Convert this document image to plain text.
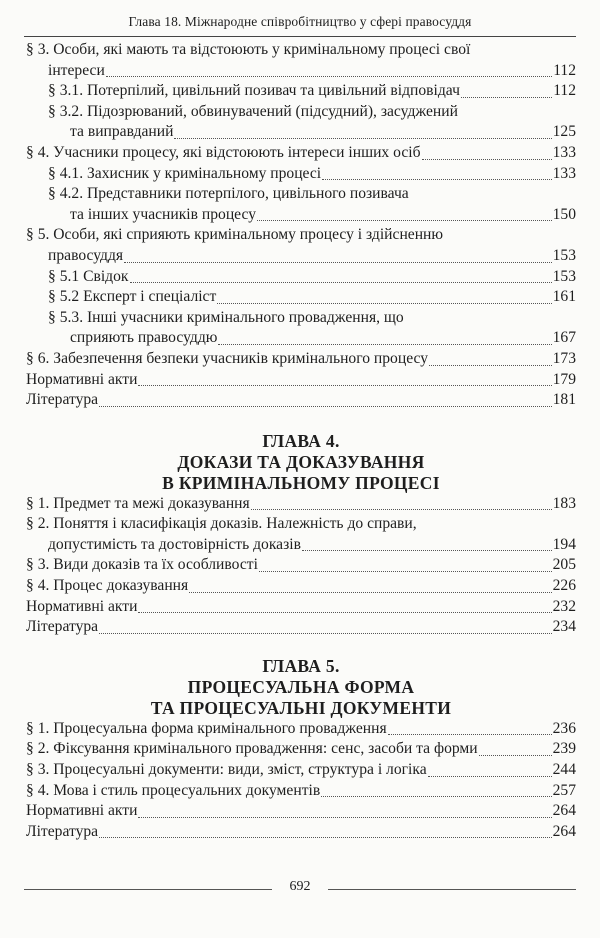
Глава 18. Міжнародне співробітництво у сфері правосуддя
§ 3. Особи, які мають та відстоюють у кримінальному процесі свої
інтереси	112
§ 3.1. Потерпілий, цивільний позивач та цивільний відповідач	112
§ 3.2. Підозрюваний, обвинувачений (підсудний), засуджений
та виправданий	125
§ 4. Учасники процесу, які відстоюють інтереси інших осіб	133
§ 4.1. Захисник у кримінальному процесі	133
§ 4.2. Представники потерпілого, цивільного позивача
та інших учасників процесу	150
§ 5. Особи, які сприяють кримінальному процесу і здійсненню
правосуддя	153
§ 5.1 Свідок	153
§ 5.2 Експерт і спеціаліст	161
§ 5.3. Інші учасники кримінального провадження, що
сприяють правосуддю	167
§ 6. Забезпечення безпеки учасників кримінального процесу	173
Нормативні акти	179
Література	181
ГЛАВА 4.
ДОКАЗИ ТА ДОКАЗУВАННЯ
В КРИМІНАЛЬНОМУ ПРОЦЕСІ
§ 1. Предмет та межі доказування	183
§ 2. Поняття і класифікація доказів. Належність до справи,
допустимість та достовірність доказів	194
§ 3. Види доказів та їх особливості	205
§ 4. Процес доказування	226
Нормативні акти	232
Література	234
ГЛАВА 5.
ПРОЦЕСУАЛЬНА ФОРМА
ТА ПРОЦЕСУАЛЬНІ ДОКУМЕНТИ
§ 1. Процесуальна форма кримінального провадження	236
§ 2. Фіксування кримінального провадження: сенс, засоби та форми	239
§ 3. Процесуальні документи: види, зміст, структура і логіка	244
§ 4. Мова і стиль процесуальних документів	257
Нормативні акти	264
Література	264
692
